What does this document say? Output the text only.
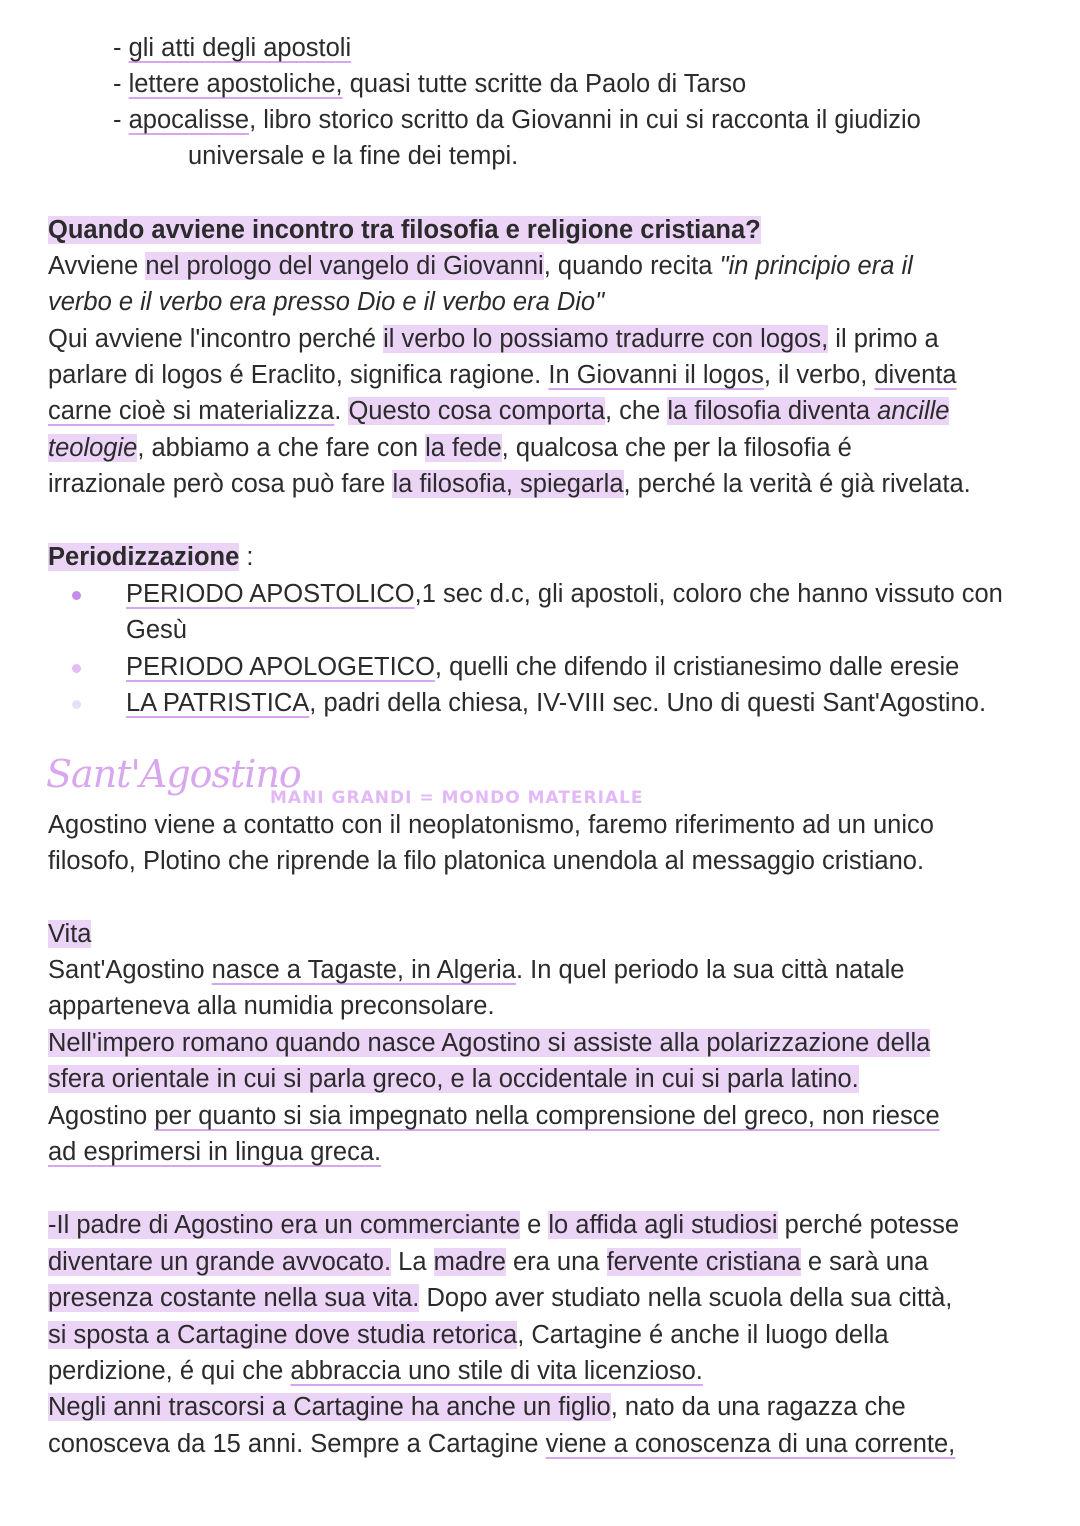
- gli atti degli apostoli
- lettere apostoliche, quasi tutte scritte da Paolo di Tarso
- apocalisse, libro storico scritto da Giovanni in cui si racconta il giudizio
universale e la fine dei tempi.
Quando avviene incontro tra filosofia e religione cristiana?
Avviene nel prologo del vangelo di Giovanni, quando recita "in principio era il
verbo e il verbo era presso Dio e il verbo era Dio"
Qui avviene l'incontro perché il verbo lo possiamo tradurre con logos, il primo a
parlare di logos é Eraclito, significa ragione. In Giovanni il logos, il verbo, diventa
carne cioè si materializza. Questo cosa comporta, che la filosofia diventa ancille
teologie, abbiamo a che fare con la fede, qualcosa che per la filosofia é
irrazionale però cosa può fare la filosofia, spiegarla, perché la verità é già rivelata.
Periodizzazione :
PERIODO APOSTOLICO,1 sec d.c, gli apostoli, coloro che hanno vissuto con
Gesù
PERIODO APOLOGETICO, quelli che difendo il cristianesimo dalle eresie
LA PATRISTICA, padri della chiesa, IV-VIII sec. Uno di questi Sant'Agostino.
Sant'Agostino
MANI GRANDI = MONDO MATERIALE
Agostino viene a contatto con il neoplatonismo, faremo riferimento ad un unico
filosofo, Plotino che riprende la filo platonica unendola al messaggio cristiano.
Vita
Sant'Agostino nasce a Tagaste, in Algeria. In quel periodo la sua città natale
apparteneva alla numidia preconsolare.
Nell'impero romano quando nasce Agostino si assiste alla polarizzazione della
sfera orientale in cui si parla greco, e la occidentale in cui si parla latino.
Agostino per quanto si sia impegnato nella comprensione del greco, non riesce
ad esprimersi in lingua greca.
-Il padre di Agostino era un commerciante e lo affida agli studiosi perché potesse
diventare un grande avvocato. La madre era una fervente cristiana e sarà una
presenza costante nella sua vita. Dopo aver studiato nella scuola della sua città,
si sposta a Cartagine dove studia retorica, Cartagine é anche il luogo della
perdizione, é qui che abbraccia uno stile di vita licenzioso.
Negli anni trascorsi a Cartagine ha anche un figlio, nato da una ragazza che
conosceva da 15 anni. Sempre a Cartagine viene a conoscenza di una corrente,
